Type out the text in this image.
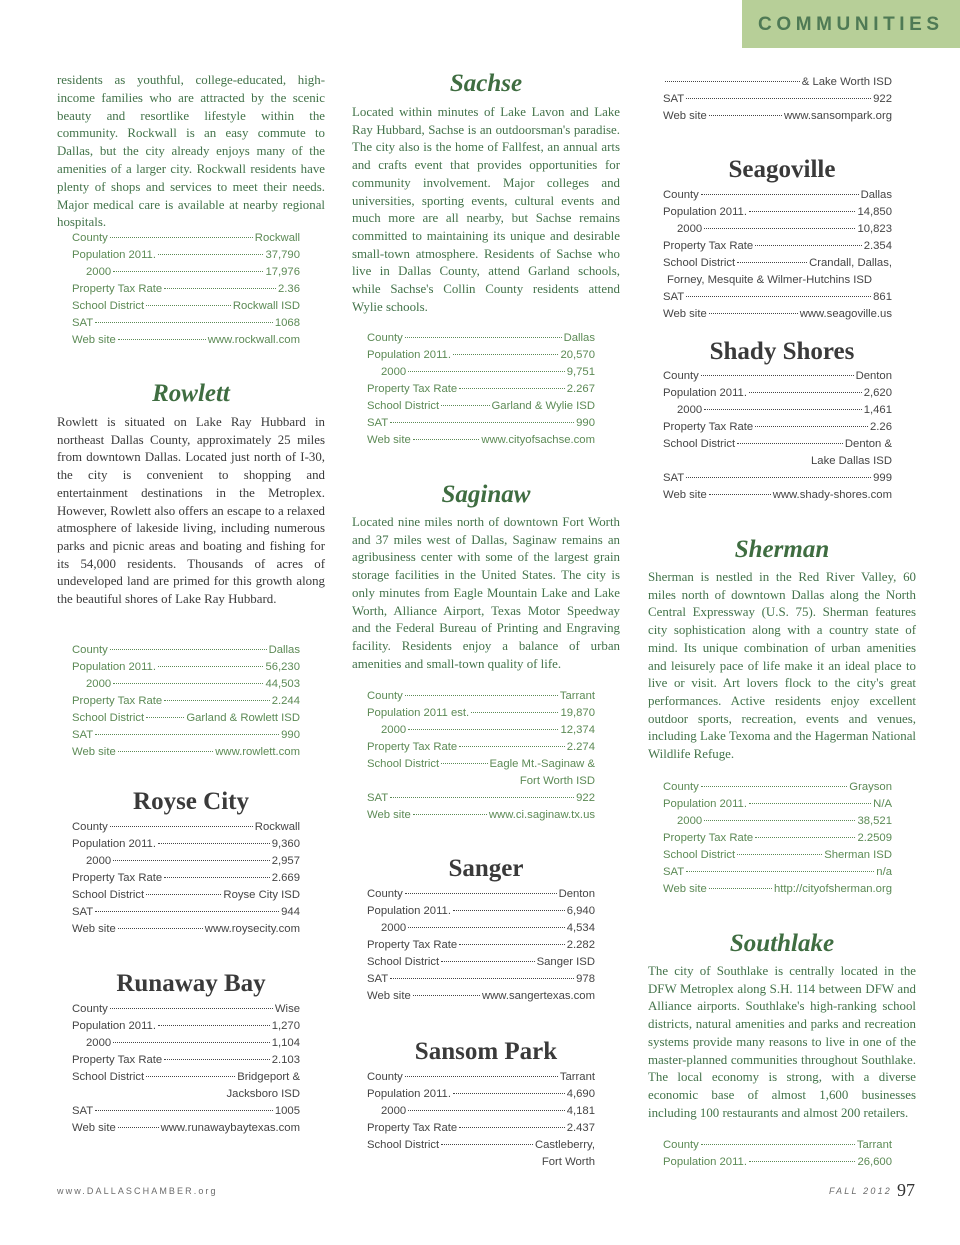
COMMUNITIES

residents as youthful, college-educated, high-income families who are attracted by the scenic beauty and resortlike lifestyle within the community. Rockwall is an easy commute to Dallas, but the city already enjoys many of the amenities of a larger city. Rockwall residents have plenty of shops and services to meet their needs. Major medical care is available at nearby regional hospitals.

County	Rockwall
Population 2011.	37,790
2000	17,976
Property Tax Rate	2.36
School District	Rockwall ISD
SAT	1068
Web site	www.rockwall.com
Rowlett

Rowlett is situated on Lake Ray Hubbard in northeast Dallas County, approximately 25 miles from downtown Dallas. Located just north of I-30, the city is convenient to shopping and entertainment destinations in the Metroplex. However, Rowlett also offers an escape to a relaxed atmosphere of lakeside living, including numerous parks and picnic areas and boating and fishing for its 54,000 residents. Thousands of acres of undeveloped land are primed for this growth along the beautiful shores of Lake Ray Hubbard.

County	Dallas
Population 2011.	56,230
2000	44,503
Property Tax Rate	2.244
School District	Garland & Rowlett ISD
SAT	990
Web site	www.rowlett.com
Royse City
County	Rockwall
Population 2011.	9,360
2000	2,957
Property Tax Rate	2.669
School District	Royse City ISD
SAT	944
Web site	www.roysecity.com
Runaway Bay
County	Wise
Population 2011.	1,270
2000	1,104
Property Tax Rate	2.103
School District	Bridgeport &
Jacksboro ISD
SAT	1005
Web site	www.runawaybaytexas.com
Sachse

Located within minutes of Lake Lavon and Lake Ray Hubbard, Sachse is an outdoorsman's paradise. The city also is the home of Fallfest, an annual arts and crafts event that provides opportunities for community involvement. Major colleges and universities, sporting events, cultural events and much more are all nearby, but Sachse remains committed to maintaining its unique and desirable small-town atmosphere. Residents of Sachse who live in Dallas County, attend Garland schools, while Sachse's Collin County residents attend Wylie schools.

County	Dallas
Population 2011.	20,570
2000	9,751
Property Tax Rate	2.267
School District	Garland & Wylie ISD
SAT	990
Web site	www.cityofsachse.com
Saginaw

Located nine miles north of downtown Fort Worth and 37 miles west of Dallas, Saginaw remains an agribusiness center with some of the largest grain storage facilities in the United States. The city is only minutes from Eagle Mountain Lake and Lake Worth, Alliance Airport, Texas Motor Speedway and the Federal Bureau of Printing and Engraving facility. Residents enjoy a balance of urban amenities and small-town quality of life.

County	Tarrant
Population 2011 est.	19,870
2000	12,374
Property Tax Rate	2.274
School District	Eagle Mt.-Saginaw &
Fort Worth ISD
SAT	922
Web site	www.ci.saginaw.tx.us
Sanger
County	Denton
Population 2011.	6,940
2000	4,534
Property Tax Rate	2.282
School District	Sanger ISD
SAT	978
Web site	www.sangertexas.com
Sansom Park
County	Tarrant
Population 2011.	4,690
2000	4,181
Property Tax Rate	2.437
School District	Castleberry,
Fort Worth
& Lake Worth ISD
SAT	922
Web site	www.sansompark.org
Seagoville
County	Dallas
Population 2011.	14,850
2000	10,823
Property Tax Rate	2.354
School District	Crandall, Dallas,
Forney, Mesquite & Wilmer-Hutchins ISD
SAT	861
Web site	www.seagoville.us
Shady Shores
County	Denton
Population 2011.	2,620
2000	1,461
Property Tax Rate	2.26
School District	Denton &
Lake Dallas ISD
SAT	999
Web site	www.shady-shores.com
Sherman

Sherman is nestled in the Red River Valley, 60 miles north of downtown Dallas along the North Central Expressway (U.S. 75). Sherman features city sophistication along with a country state of mind. Its unique combination of urban amenities and leisurely pace of life make it an ideal place to live or visit. Art lovers flock to the city's great performances. Active residents enjoy excellent outdoor sports, recreation, events and venues, including Lake Texoma and the Hagerman National Wildlife Refuge.

County	Grayson
Population 2011.	N/A
2000	38,521
Property Tax Rate	2.2509
School District	Sherman ISD
SAT	n/a
Web site	http://cityofsherman.org
Southlake

The city of Southlake is centrally located in the DFW Metroplex along S.H. 114 between DFW and Alliance airports. Southlake's high-ranking school districts, natural amenities and parks and recreation systems provide many reasons to live in one of the master-planned communities throughout Southlake. The local economy is strong, with a diverse economic base of almost 1,600 businesses including 100 restaurants and almost 200 retailers.

County	Tarrant
Population 2011.	26,600
www.DALLASCHAMBER.org	FALL 2012 97
